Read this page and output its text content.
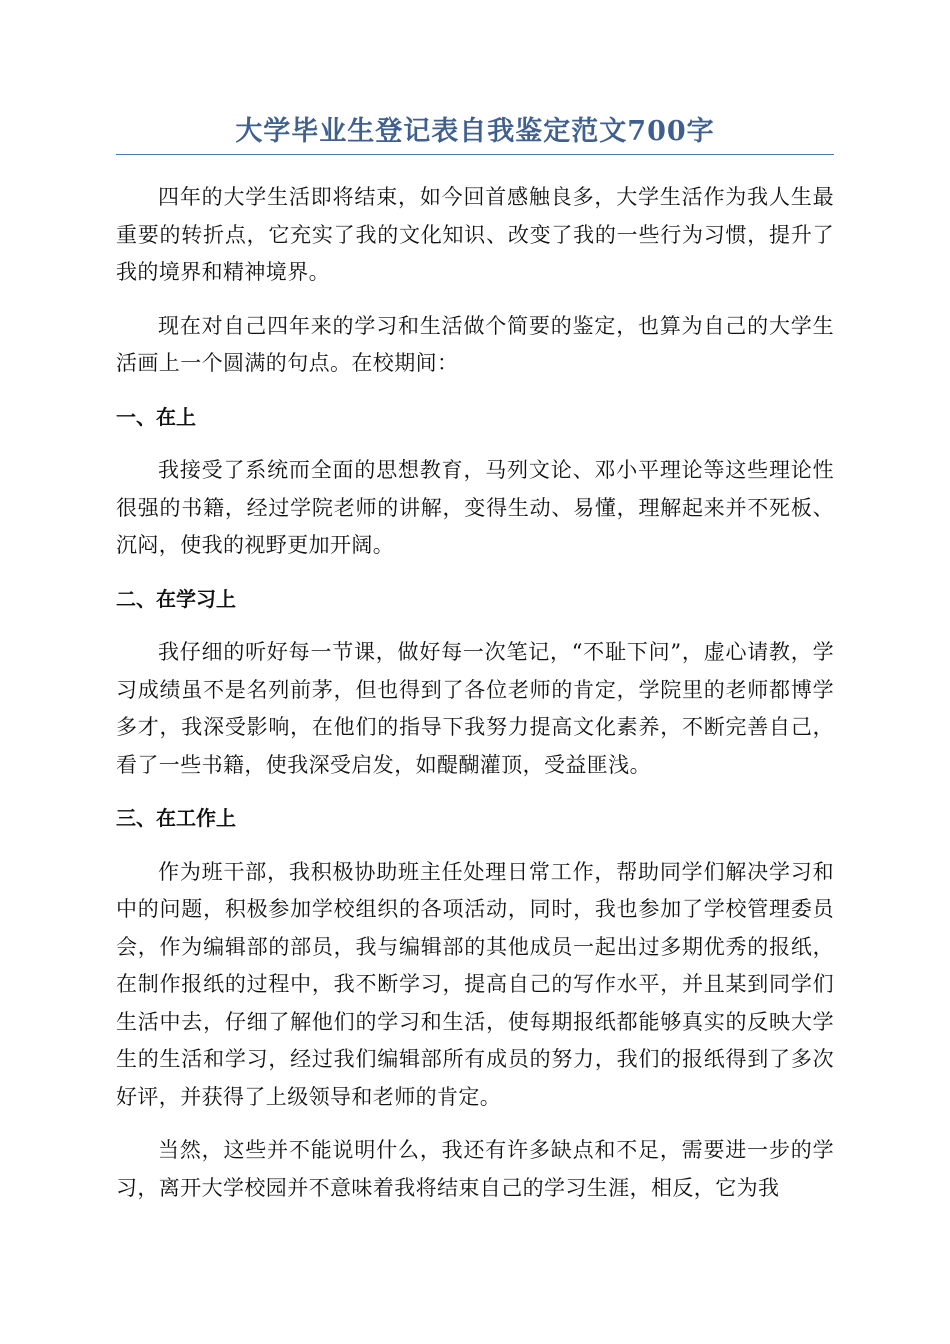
大学毕业生登记表自我鉴定范文700字

四年的大学生活即将结束，如今回首感触良多，大学生活作为我人生最重要的转折点，它充实了我的文化知识、改变了我的一些行为习惯，提升了我的境界和精神境界。

现在对自己四年来的学习和生活做个简要的鉴定，也算为自己的大学生活画上一个圆满的句点。在校期间：

一、在上

我接受了系统而全面的思想教育，马列文论、邓小平理论等这些理论性很强的书籍，经过学院老师的讲解，变得生动、易懂，理解起来并不死板、沉闷，使我的视野更加开阔。

二、在学习上

我仔细的听好每一节课，做好每一次笔记，“不耻下问”，虚心请教，学习成绩虽不是名列前茅，但也得到了各位老师的肯定，学院里的老师都博学多才，我深受影响，在他们的指导下我努力提高文化素养，不断完善自己，看了一些书籍，使我深受启发，如醍醐灌顶，受益匪浅。

三、在工作上

作为班干部，我积极协助班主任处理日常工作，帮助同学们解决学习和中的问题，积极参加学校组织的各项活动，同时，我也参加了学校管理委员会，作为编辑部的部员，我与编辑部的其他成员一起出过多期优秀的报纸，在制作报纸的过程中，我不断学习，提高自己的写作水平，并且某到同学们生活中去，仔细了解他们的学习和生活，使每期报纸都能够真实的反映大学生的生活和学习，经过我们编辑部所有成员的努力，我们的报纸得到了多次好评，并获得了上级领导和老师的肯定。

当然，这些并不能说明什么，我还有许多缺点和不足，需要进一步的学习，离开大学校园并不意味着我将结束自己的学习生涯，相反，它为我
